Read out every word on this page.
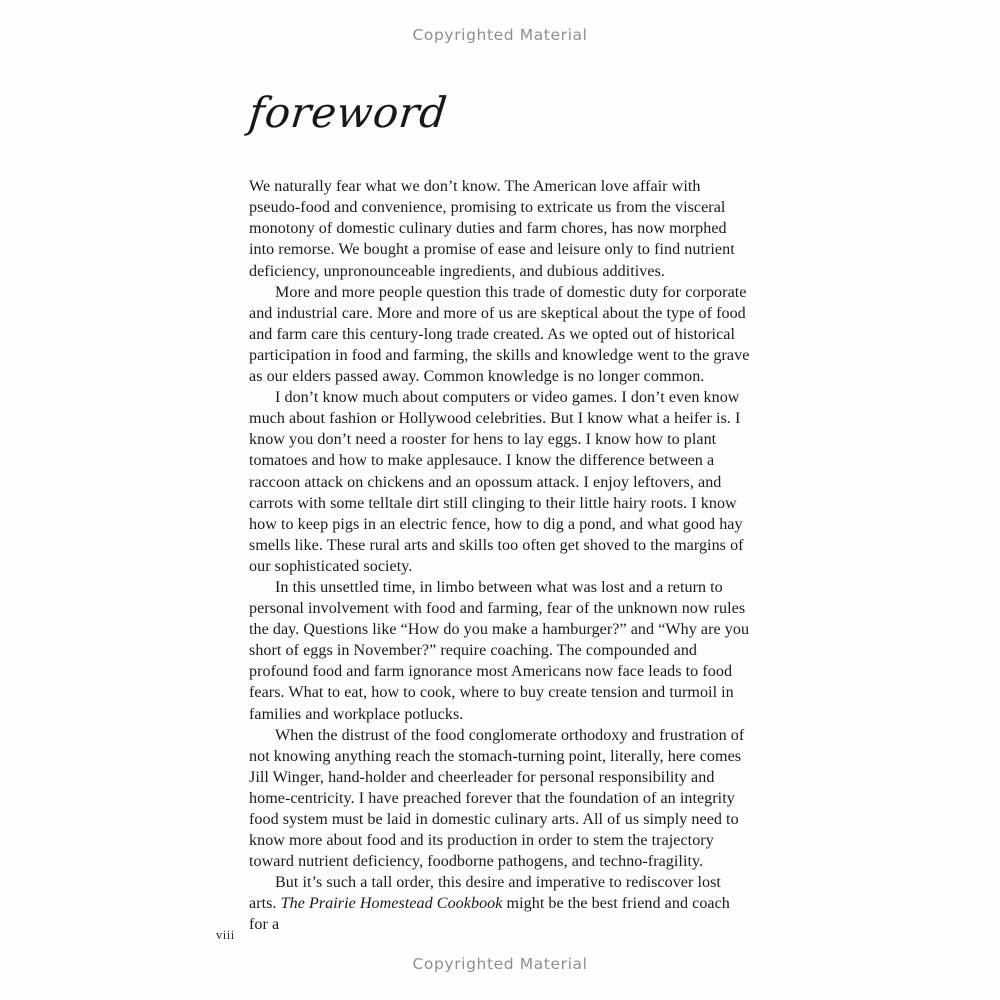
Copyrighted Material
foreword

We naturally fear what we don’t know. The American love affair with pseudo-food and convenience, promising to extricate us from the visceral monotony of domestic culinary duties and farm chores, has now morphed into remorse. We bought a promise of ease and leisure only to find nutrient deficiency, unpronounceable ingredients, and dubious additives.

More and more people question this trade of domestic duty for corporate and industrial care. More and more of us are skeptical about the type of food and farm care this century-long trade created. As we opted out of historical participation in food and farming, the skills and knowledge went to the grave as our elders passed away. Common knowledge is no longer common.

I don’t know much about computers or video games. I don’t even know much about fashion or Hollywood celebrities. But I know what a heifer is. I know you don’t need a rooster for hens to lay eggs. I know how to plant tomatoes and how to make applesauce. I know the difference between a raccoon attack on chickens and an opossum attack. I enjoy leftovers, and carrots with some telltale dirt still clinging to their little hairy roots. I know how to keep pigs in an electric fence, how to dig a pond, and what good hay smells like. These rural arts and skills too often get shoved to the margins of our sophisticated society.

In this unsettled time, in limbo between what was lost and a return to personal involvement with food and farming, fear of the unknown now rules the day. Questions like “How do you make a hamburger?” and “Why are you short of eggs in November?” require coaching. The compounded and profound food and farm ignorance most Americans now face leads to food fears. What to eat, how to cook, where to buy create tension and turmoil in families and workplace potlucks.

When the distrust of the food conglomerate orthodoxy and frustration of not knowing anything reach the stomach-turning point, literally, here comes Jill Winger, hand-holder and cheerleader for personal responsibility and home-centricity. I have preached forever that the foundation of an integrity food system must be laid in domestic culinary arts. All of us simply need to know more about food and its production in order to stem the trajectory toward nutrient deficiency, foodborne pathogens, and techno-fragility.

But it’s such a tall order, this desire and imperative to rediscover lost arts. The Prairie Homestead Cookbook might be the best friend and coach for a

viii
Copyrighted Material
